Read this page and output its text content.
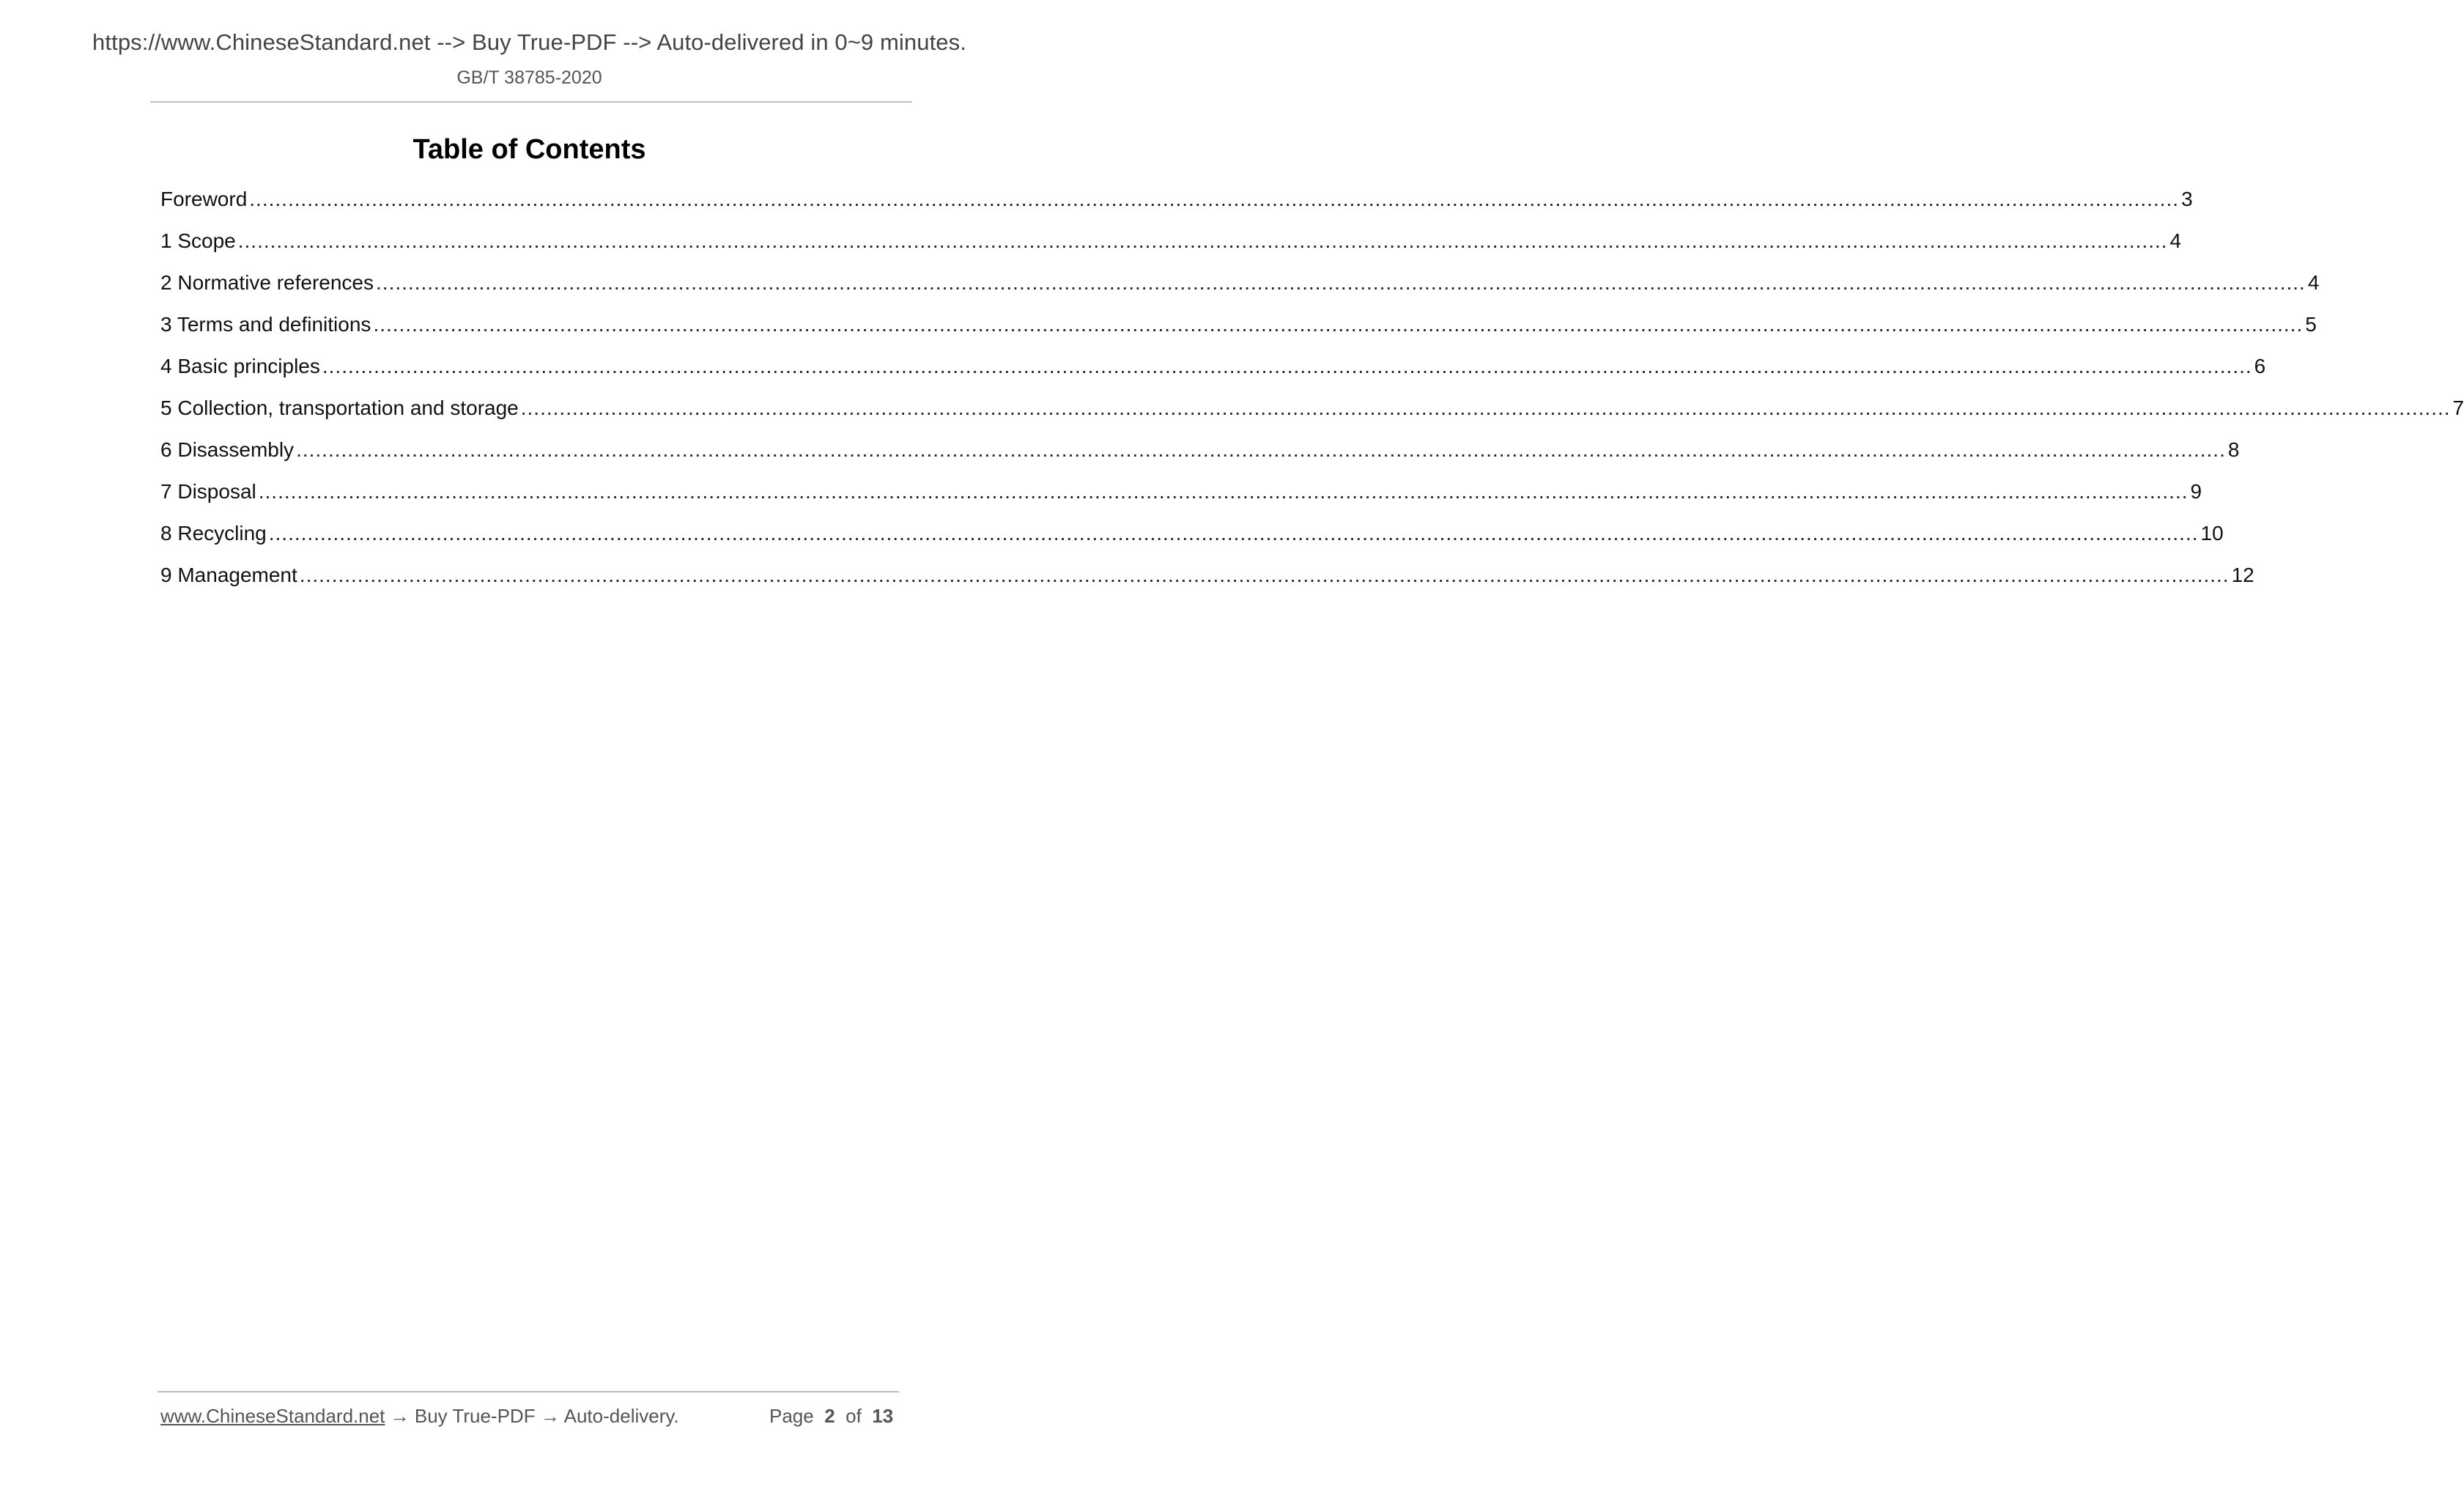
https://www.ChineseStandard.net --> Buy True-PDF --> Auto-delivered in 0~9 minutes.
GB/T 38785-2020
Table of Contents
Foreword ............................................................................................................................................................................................................................................................................................................ 3
1 Scope ............................................................................................................................................................................................................................................................................................................ 4
2 Normative references ............................................................................................................................................................................................................................................................................................................ 4
3 Terms and definitions ............................................................................................................................................................................................................................................................................................................ 5
4 Basic principles ............................................................................................................................................................................................................................................................................................................ 6
5 Collection, transportation and storage ............................................................................................................................................................................................................................................................................................................ 7
6 Disassembly ............................................................................................................................................................................................................................................................................................................ 8
7 Disposal ............................................................................................................................................................................................................................................................................................................ 9
8 Recycling ............................................................................................................................................................................................................................................................................................................ 10
9 Management ............................................................................................................................................................................................................................................................................................................ 12
www.ChineseStandard.net → Buy True-PDF → Auto-delivery.	Page 2 of 13
